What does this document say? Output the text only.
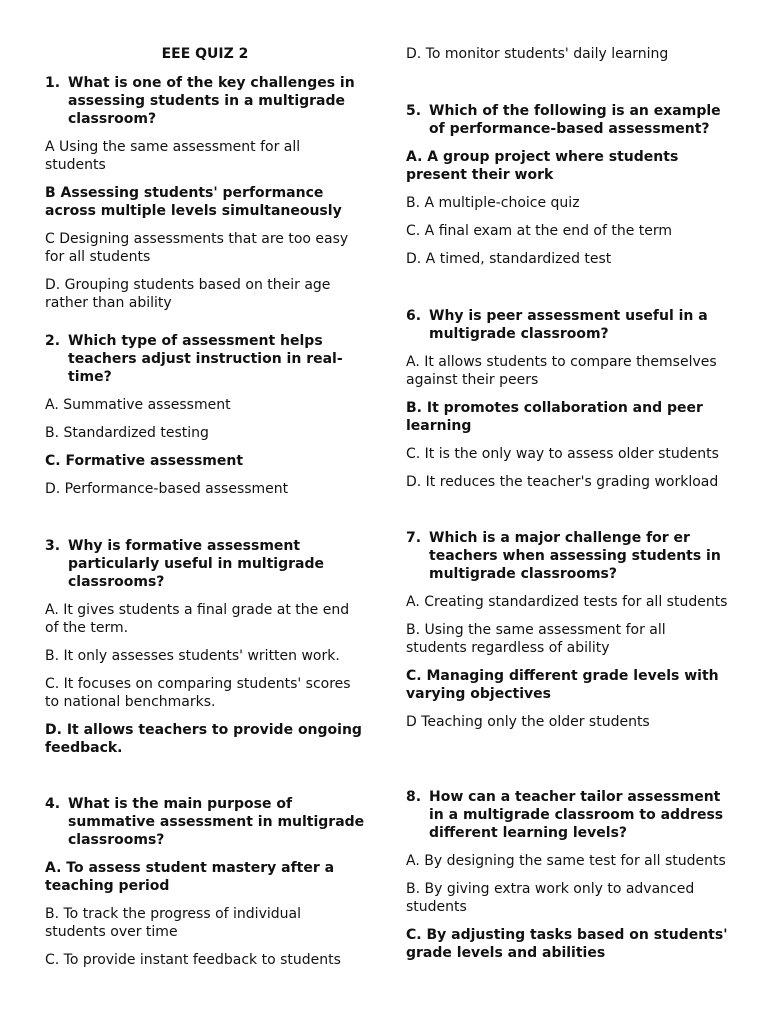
EEE QUIZ 2
1. What is one of the key challenges in assessing students in a multigrade classroom?
A Using the same assessment for all students
B Assessing students' performance across multiple levels simultaneously
C Designing assessments that are too easy for all students
D. Grouping students based on their age rather than ability
2. Which type of assessment helps teachers adjust instruction in real-time?
A. Summative assessment
B. Standardized testing
C. Formative assessment
D. Performance-based assessment
3. Why is formative assessment particularly useful in multigrade classrooms?
A. It gives students a final grade at the end of the term.
B. It only assesses students' written work.
C. It focuses on comparing students' scores to national benchmarks.
D. It allows teachers to provide ongoing feedback.
4. What is the main purpose of summative assessment in multigrade classrooms?
A. To assess student mastery after a teaching period
B. To track the progress of individual students over time
C. To provide instant feedback to students
D. To monitor students' daily learning
5. Which of the following is an example of performance-based assessment?
A. A group project where students present their work
B. A multiple-choice quiz
C. A final exam at the end of the term
D. A timed, standardized test
6. Why is peer assessment useful in a multigrade classroom?
A. It allows students to compare themselves against their peers
B. It promotes collaboration and peer learning
C. It is the only way to assess older students
D. It reduces the teacher's grading workload
7. Which is a major challenge for er teachers when assessing students in multigrade classrooms?
A. Creating standardized tests for all students
B. Using the same assessment for all students regardless of ability
C. Managing different grade levels with varying objectives
D Teaching only the older students
8. How can a teacher tailor assessment in a multigrade classroom to address different learning levels?
A. By designing the same test for all students
B. By giving extra work only to advanced students
C. By adjusting tasks based on students' grade levels and abilities
